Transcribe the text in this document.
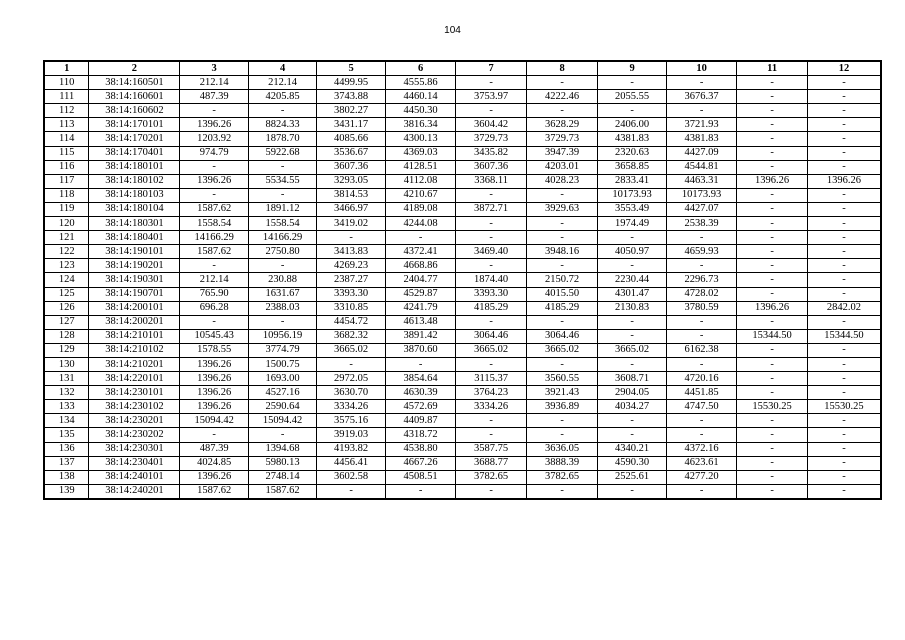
104
1	2	3	4	5	6	7	8	9	10	11	12
110	38:14:160501	212.14	212.14	4499.95	4555.86	-	-	-	-	-	-
111	38:14:160601	487.39	4205.85	3743.88	4460.14	3753.97	4222.46	2055.55	3676.37	-	-
112	38:14:160602	-	-	3802.27	4450.30	-	-	-	-	-	-
113	38:14:170101	1396.26	8824.33	3431.17	3816.34	3604.42	3628.29	2406.00	3721.93	-	-
114	38:14:170201	1203.92	1878.70	4085.66	4300.13	3729.73	3729.73	4381.83	4381.83	-	-
115	38:14:170401	974.79	5922.68	3536.67	4369.03	3435.82	3947.39	2320.63	4427.09	-	-
116	38:14:180101	-	-	3607.36	4128.51	3607.36	4203.01	3658.85	4544.81	-	-
117	38:14:180102	1396.26	5534.55	3293.05	4112.08	3368.11	4028.23	2833.41	4463.31	1396.26	1396.26
118	38:14:180103	-	-	3814.53	4210.67	-	-	10173.93	10173.93	-	-
119	38:14:180104	1587.62	1891.12	3466.97	4189.08	3872.71	3929.63	3553.49	4427.07	-	-
120	38:14:180301	1558.54	1558.54	3419.02	4244.08	-	-	1974.49	2538.39	-	-
121	38:14:180401	14166.29	14166.29	-	-	-	-	-	-	-	-
122	38:14:190101	1587.62	2750.80	3413.83	4372.41	3469.40	3948.16	4050.97	4659.93	-	-
123	38:14:190201	-	-	4269.23	4668.86	-	-	-	-	-	-
124	38:14:190301	212.14	230.88	2387.27	2404.77	1874.40	2150.72	2230.44	2296.73	-	-
125	38:14:190701	765.90	1631.67	3393.30	4529.87	3393.30	4015.50	4301.47	4728.02	-	-
126	38:14:200101	696.28	2388.03	3310.85	4241.79	4185.29	4185.29	2130.83	3780.59	1396.26	2842.02
127	38:14:200201	-	-	4454.72	4613.48	-	-	-	-	-	-
128	38:14:210101	10545.43	10956.19	3682.32	3891.42	3064.46	3064.46	-	-	15344.50	15344.50
129	38:14:210102	1578.55	3774.79	3665.02	3870.60	3665.02	3665.02	3665.02	6162.38	-	-
130	38:14:210201	1396.26	1500.75	-	-	-	-	-	-	-	-
131	38:14:220101	1396.26	1693.00	2972.05	3854.64	3115.37	3560.55	3608.71	4720.16	-	-
132	38:14:230101	1396.26	4527.16	3630.70	4630.39	3764.23	3921.43	2904.05	4451.85	-	-
133	38:14:230102	1396.26	2590.64	3334.26	4572.69	3334.26	3936.89	4034.27	4747.50	15530.25	15530.25
134	38:14:230201	15094.42	15094.42	3575.16	4409.87	-	-	-	-	-	-
135	38:14:230202	-	-	3919.03	4318.72	-	-	-	-	-	-
136	38:14:230301	487.39	1394.68	4193.82	4538.80	3587.75	3636.05	4340.21	4372.16	-	-
137	38:14:230401	4024.85	5980.13	4456.41	4667.26	3688.77	3888.39	4590.30	4623.61	-	-
138	38:14:240101	1396.26	2748.14	3602.58	4508.51	3782.65	3782.65	2525.61	4277.20	-	-
139	38:14:240201	1587.62	1587.62	-	-	-	-	-	-	-	-
